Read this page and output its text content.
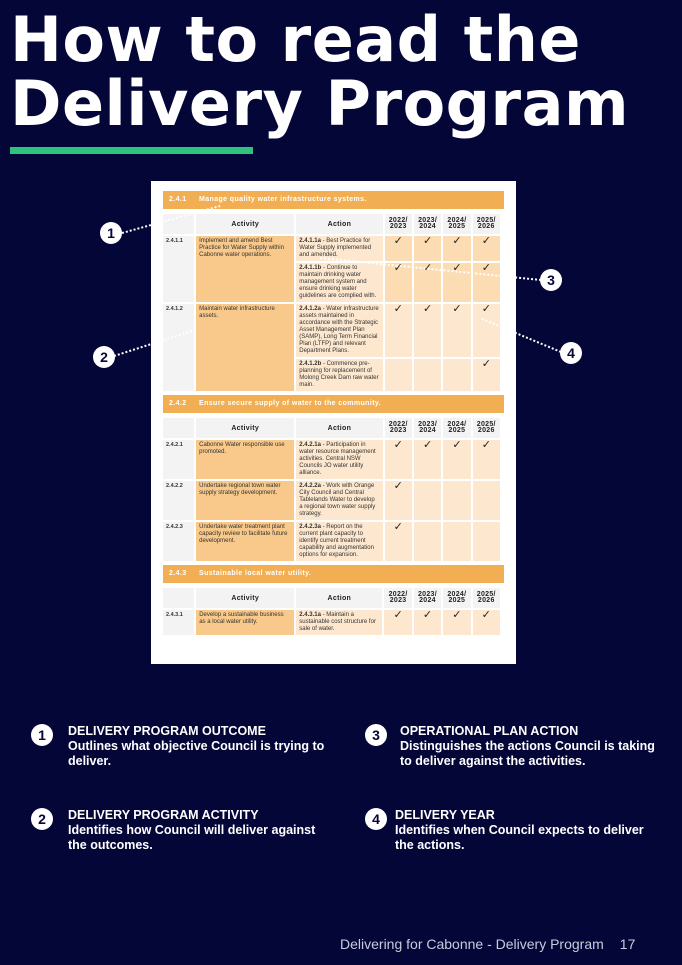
How to read the
Delivery Program
2.4.1 Manage quality water infrastructure systems.
	Activity	Action	2022/ 2023	2023/ 2024	2024/ 2025	2025/ 2026
2.4.1.1	Implement and amend Best Practice for Water Supply within Cabonne water operations.	2.4.1.1a - Best Practice for Water Supply implemented and amended.	✓	✓	✓	✓
		2.4.1.1b - Continue to maintain drinking water management system and ensure drinking water guidelines are complied with.	✓	✓	✓	✓
2.4.1.2	Maintain water infrastructure assets.	2.4.1.2a - Water infrastructure assets maintained in accordance with the Strategic Asset Management Plan (SAMP), Long Term Financial Plan (LTFP) and relevant Department Plans.	✓	✓	✓	✓
		2.4.1.2b - Commence pre-planning for replacement of Molong Creek Dam raw water main.				✓
2.4.2 Ensure secure supply of water to the community.
	Activity	Action	2022/ 2023	2023/ 2024	2024/ 2025	2025/ 2026
2.4.2.1	Cabonne Water responsible use promoted.	2.4.2.1a - Participation in water resource management activities. Central NSW Councils JO water utility alliance.	✓	✓	✓	✓
2.4.2.2	Undertake regional town water supply strategy development.	2.4.2.2a - Work with Orange City Council and Central Tablelands Water to develop a regional town water supply strategy.	✓			
2.4.2.3	Undertake water treatment plant capacity review to facilitate future development.	2.4.2.3a - Report on the current plant capacity to identify current treatment capability and augmentation options for expansion.	✓			
2.4.3 Sustainable local water utility.
	Activity	Action	2022/ 2023	2023/ 2024	2024/ 2025	2025/ 2026
2.4.3.1	Develop a sustainable business as a local water utility.	2.4.3.1a - Maintain a sustainable cost structure for sale of water.	✓	✓	✓	✓
1
2
3
4
1	DELIVERY PROGRAM OUTCOME
Outlines what objective Council is trying to deliver.
2	DELIVERY PROGRAM ACTIVITY
Identifies how Council will deliver against the outcomes.
3	OPERATIONAL PLAN ACTION
Distinguishes the actions Council is taking to deliver against the activities.
4	DELIVERY YEAR
Identifies when Council expects to deliver the actions.
Delivering for Cabonne - Delivery Program 17
